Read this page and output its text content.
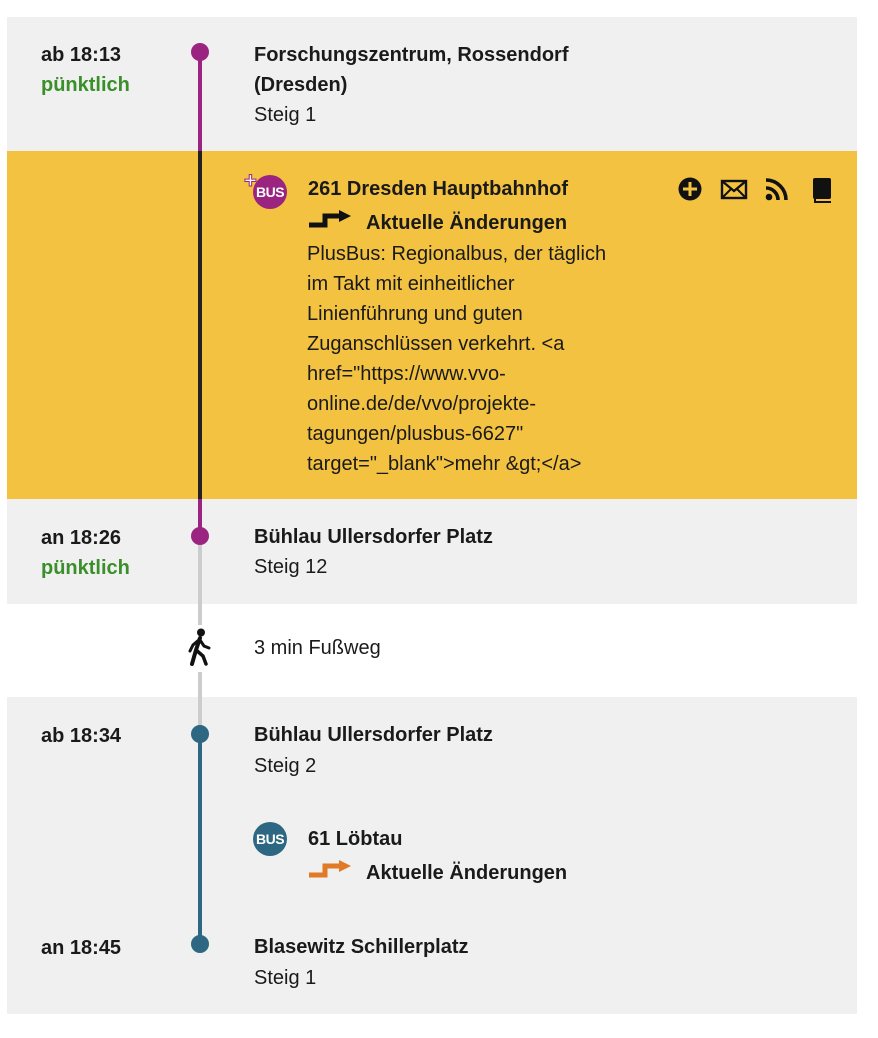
ab 18:13
pünktlich
Forschungszentrum, Rossendorf
(Dresden)
Steig 1
BUS
+	261 Dresden Hauptbahnhof
Aktuelle Änderungen
PlusBus: Regionalbus, der täglich
im Takt mit einheitlicher
Linienführung und guten
Zuganschlüssen verkehrt. <a
href="https://www.vvo-
online.de/de/vvo/projekte-
tagungen/plusbus-6627"
target="_blank">mehr &gt;</a>
an 18:26
pünktlich
Bühlau Ullersdorfer Platz
Steig 12
3 min Fußweg
ab 18:34	Bühlau Ullersdorfer Platz
Steig 2
BUS 61 Löbtau
Aktuelle Änderungen
an 18:45	Blasewitz Schillerplatz
Steig 1
